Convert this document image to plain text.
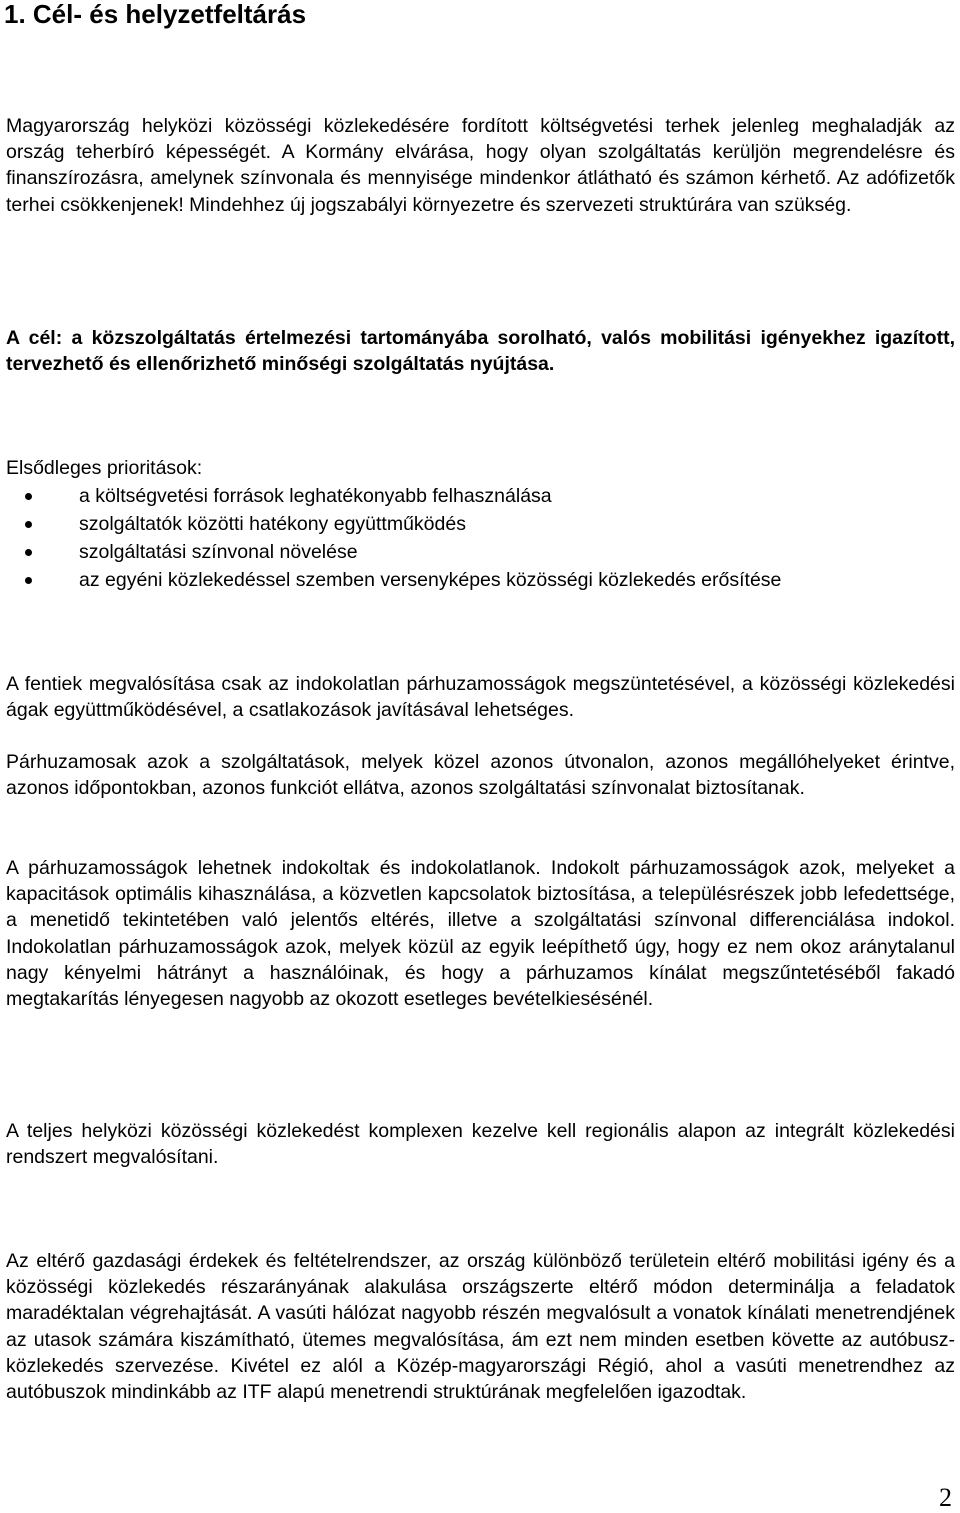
1. Cél- és helyzetfeltárás

Magyarország helyközi közösségi közlekedésére fordított költségvetési terhek jelenleg meghaladják az ország teherbíró képességét. A Kormány elvárása, hogy olyan szolgáltatás kerüljön megrendelésre és finanszírozásra, amelynek színvonala és mennyisége mindenkor átlátható és számon kérhető. Az adófizetők terhei csökkenjenek! Mindehhez új jogszabályi környezetre és szervezeti struktúrára van szükség.

A cél: a közszolgáltatás értelmezési tartományába sorolható, valós mobilitási igényekhez igazított, tervezhető és ellenőrizhető minőségi szolgáltatás nyújtása.

Elsődleges prioritások:

a költségvetési források leghatékonyabb felhasználása
szolgáltatók közötti hatékony együttműködés
szolgáltatási színvonal növelése
az egyéni közlekedéssel szemben versenyképes közösségi közlekedés erősítése

A fentiek megvalósítása csak az indokolatlan párhuzamosságok megszüntetésével, a közösségi közlekedési ágak együttműködésével, a csatlakozások javításával lehetséges.

Párhuzamosak azok a szolgáltatások, melyek közel azonos útvonalon, azonos megállóhelyeket érintve, azonos időpontokban, azonos funkciót ellátva, azonos szolgáltatási színvonalat biztosítanak.

A párhuzamosságok lehetnek indokoltak és indokolatlanok. Indokolt párhuzamosságok azok, melyeket a kapacitások optimális kihasználása, a közvetlen kapcsolatok biztosítása, a településrészek jobb lefedettsége, a menetidő tekintetében való jelentős eltérés, illetve a szolgáltatási színvonal differenciálása indokol. Indokolatlan párhuzamosságok azok, melyek közül az egyik leépíthető úgy, hogy ez nem okoz aránytalanul nagy kényelmi hátrányt a használóinak, és hogy a párhuzamos kínálat megszűntetéséből fakadó megtakarítás lényegesen nagyobb az okozott esetleges bevételkiesésénél.

A teljes helyközi közösségi közlekedést komplexen kezelve kell regionális alapon az integrált közlekedési rendszert megvalósítani.

Az eltérő gazdasági érdekek és feltételrendszer, az ország különböző területein eltérő mobilitási igény és a közösségi közlekedés részarányának alakulása országszerte eltérő módon determinálja a feladatok maradéktalan végrehajtását. A vasúti hálózat nagyobb részén megvalósult a vonatok kínálati menetrendjének az utasok számára kiszámítható, ütemes megvalósítása, ám ezt nem minden esetben követte az autóbusz-közlekedés szervezése. Kivétel ez alól a Közép-magyarországi Régió, ahol a vasúti menetrendhez az autóbuszok mindinkább az ITF alapú menetrendi struktúrának megfelelően igazodtak.

2
